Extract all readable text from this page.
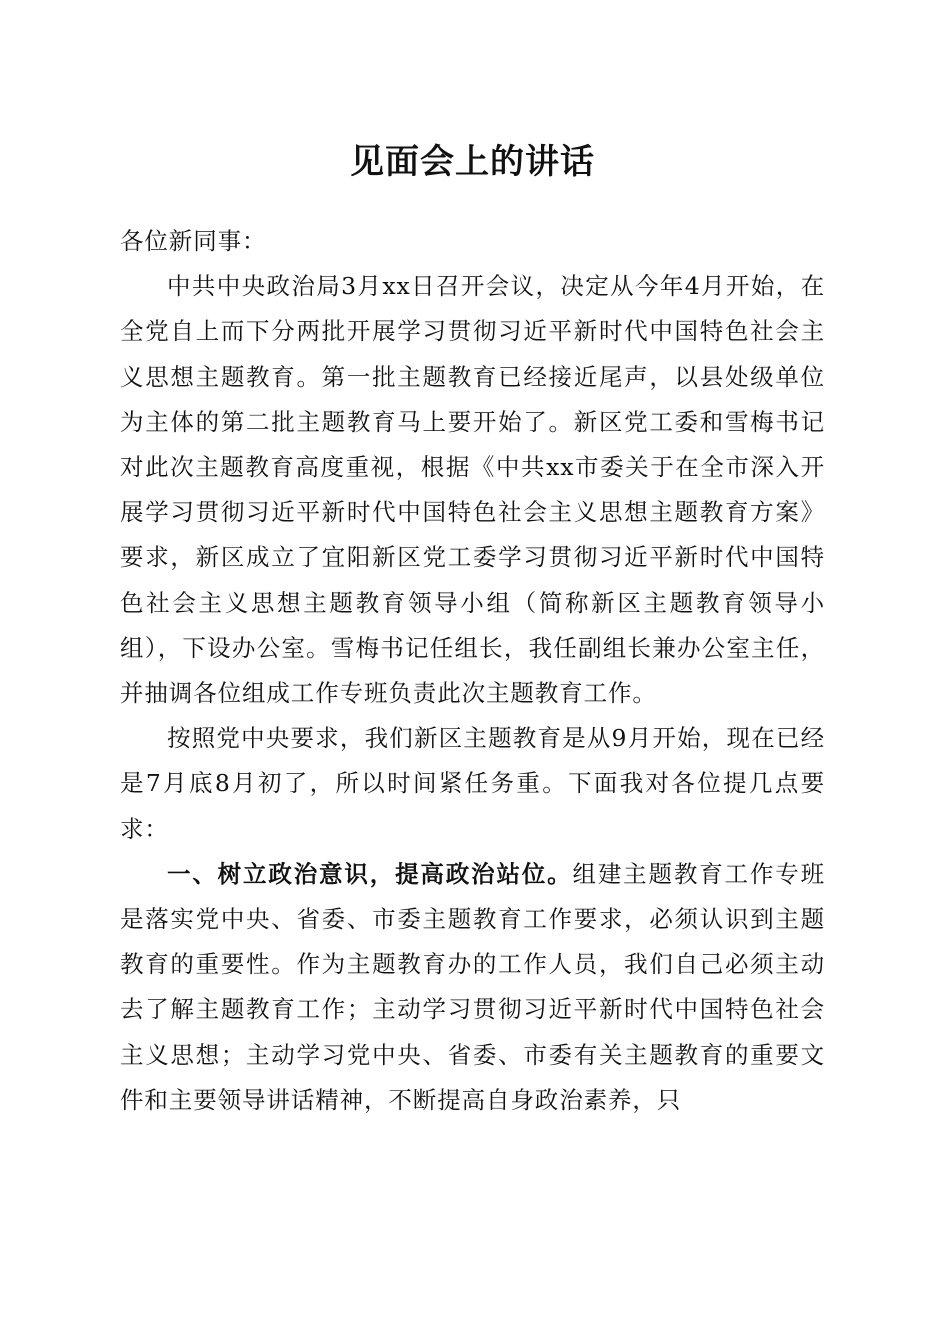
见面会上的讲话

各位新同事：

中共中央政治局3月xx日召开会议，决定从今年4月开始，在全党自上而下分两批开展学习贯彻习近平新时代中国特色社会主义思想主题教育。第一批主题教育已经接近尾声，以县处级单位为主体的第二批主题教育马上要开始了。新区党工委和雪梅书记对此次主题教育高度重视，根据《中共xx市委关于在全市深入开展学习贯彻习近平新时代中国特色社会主义思想主题教育方案》要求，新区成立了宜阳新区党工委学习贯彻习近平新时代中国特色社会主义思想主题教育领导小组（简称新区主题教育领导小组），下设办公室。雪梅书记任组长，我任副组长兼办公室主任，并抽调各位组成工作专班负责此次主题教育工作。

按照党中央要求，我们新区主题教育是从9月开始，现在已经是7月底8月初了，所以时间紧任务重。下面我对各位提几点要求：

一、树立政治意识，提高政治站位。组建主题教育工作专班是落实党中央、省委、市委主题教育工作要求，必须认识到主题教育的重要性。作为主题教育办的工作人员，我们自己必须主动去了解主题教育工作；主动学习贯彻习近平新时代中国特色社会主义思想；主动学习党中央、省委、市委有关主题教育的重要文件和主要领导讲话精神，不断提高自身政治素养，只
